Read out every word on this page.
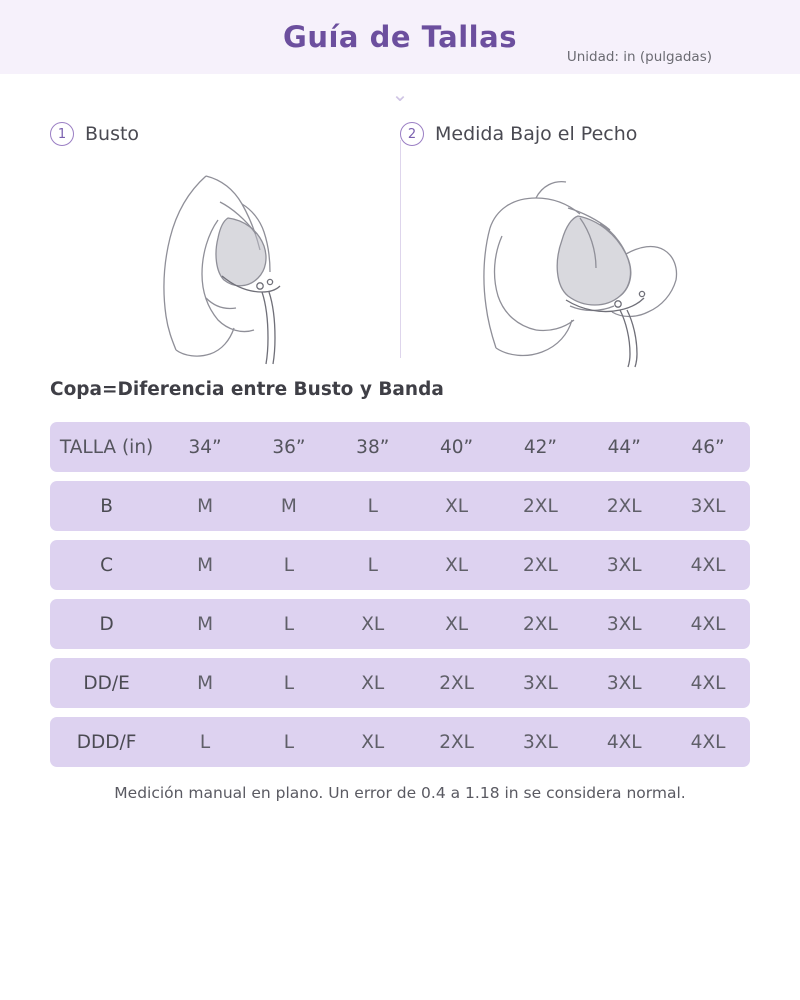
Guía de Tallas
Unidad: in (pulgadas)
⌄
1 Busto	2 Medida Bajo el Pecho
Copa=Diferencia entre Busto y Banda
TALLA (in)	34”	36”	38”	40”	42”	44”	46”
B	M	M	L	XL	2XL	2XL	3XL
C	M	L	L	XL	2XL	3XL	4XL
D	M	L	XL	XL	2XL	3XL	4XL
DD/E	M	L	XL	2XL	3XL	3XL	4XL
DDD/F	L	L	XL	2XL	3XL	4XL	4XL
Medición manual en plano. Un error de 0.4 a 1.18 in se considera normal.
